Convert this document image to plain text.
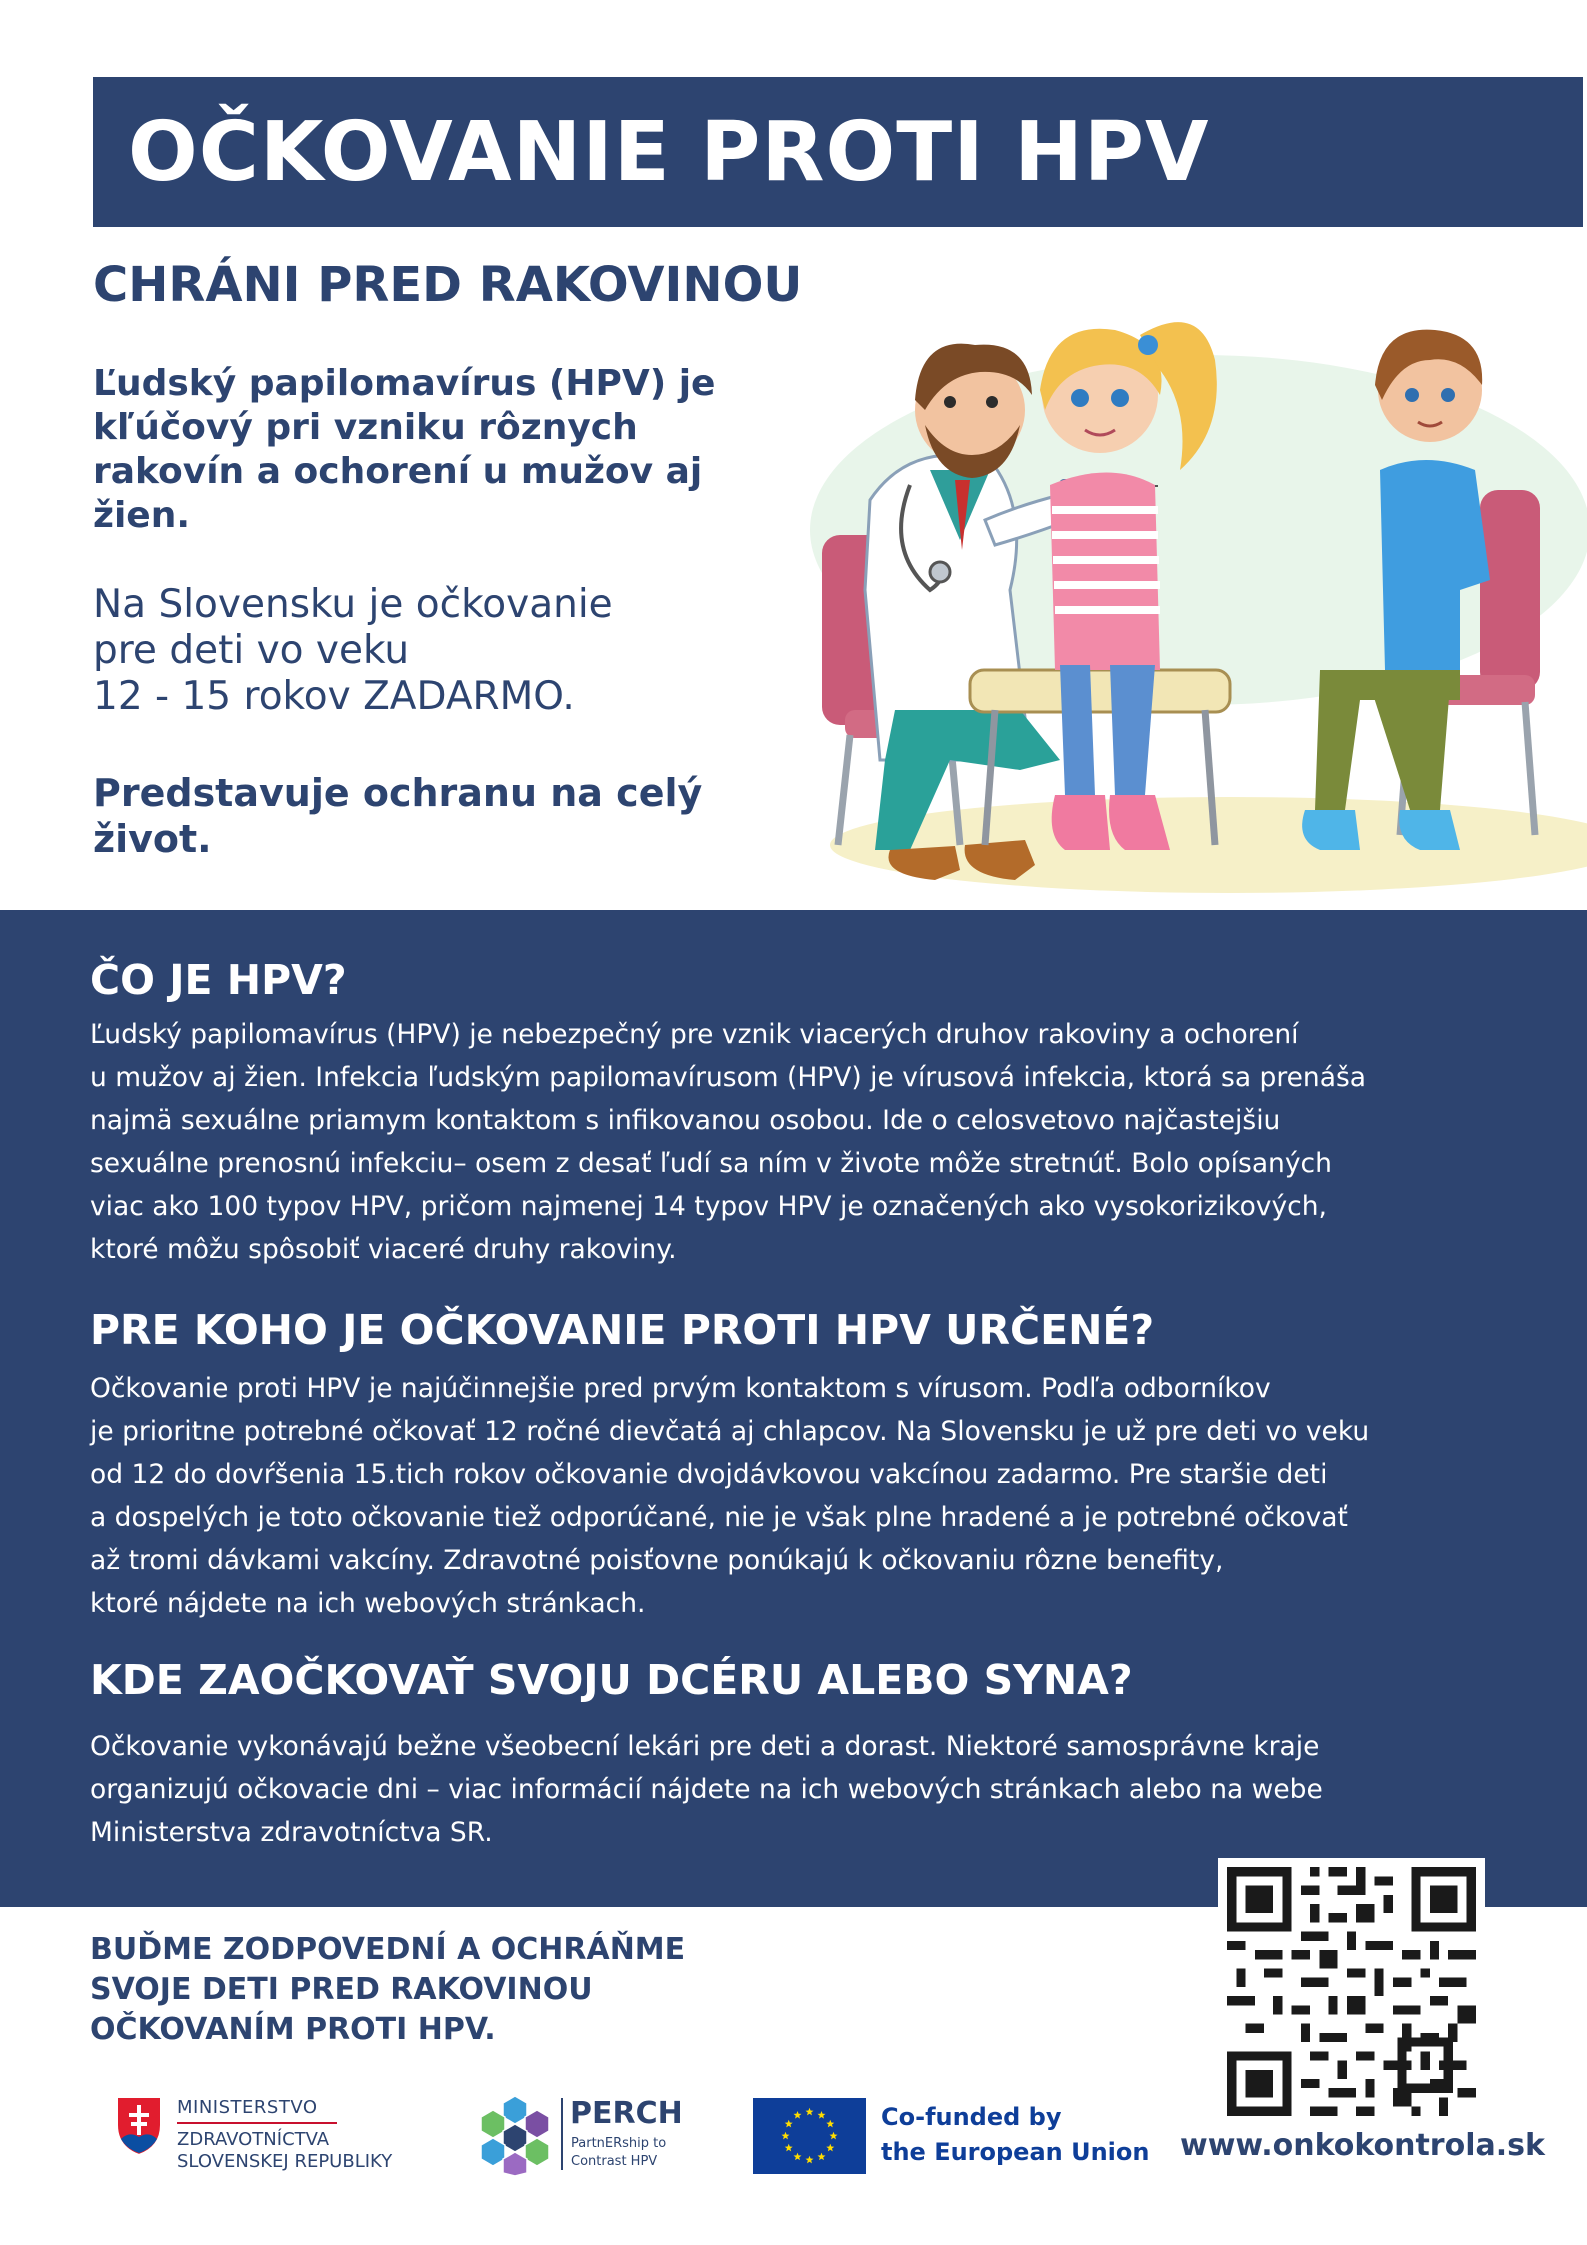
OČKOVANIE PROTI HPV
CHRÁNI PRED RAKOVINOU
Ľudský papilomavírus (HPV) je kľúčový pri vzniku rôznych rakovín a ochorení u mužov aj žien.
Na Slovensku je očkovanie
pre deti vo veku
12 - 15 rokov ZADARMO.
Predstavuje ochranu na celý život.
ČO JE HPV?

Ľudský papilomavírus (HPV) je nebezpečný pre vznik viacerých druhov rakoviny a ochorení
u mužov aj žien. Infekcia ľudským papilomavírusom (HPV) je vírusová infekcia, ktorá sa prenáša
najmä sexuálne priamym kontaktom s infikovanou osobou. Ide o celosvetovo najčastejšiu
sexuálne prenosnú infekciu– osem z desať ľudí sa ním v živote môže stretnúť. Bolo opísaných
viac ako 100 typov HPV, pričom najmenej 14 typov HPV je označených ako vysokorizikových,
ktoré môžu spôsobiť viaceré druhy rakoviny.

PRE KOHO JE OČKOVANIE PROTI HPV URČENÉ?

Očkovanie proti HPV je najúčinnejšie pred prvým kontaktom s vírusom. Podľa odborníkov
je prioritne potrebné očkovať 12 ročné dievčatá aj chlapcov. Na Slovensku je už pre deti vo veku
od 12 do dovŕšenia 15.tich rokov očkovanie dvojdávkovou vakcínou zadarmo. Pre staršie deti
a dospelých je toto očkovanie tiež odporúčané, nie je však plne hradené a je potrebné očkovať
až tromi dávkami vakcíny. Zdravotné poisťovne ponúkajú k očkovaniu rôzne benefity,
ktoré nájdete na ich webových stránkach.

KDE ZAOČKOVAŤ SVOJU DCÉRU ALEBO SYNA?

Očkovanie vykonávajú bežne všeobecní lekári pre deti a dorast. Niektoré samosprávne kraje
organizujú očkovacie dni – viac informácií nájdete na ich webových stránkach alebo na webe
Ministerstva zdravotníctva SR.

BUĎME ZODPOVEDNÍ A OCHRÁŇME
SVOJE DETI PRED RAKOVINOU
OČKOVANÍM PROTI HPV.
MINISTERSTVO
ZDRAVOTNÍCTVA
SLOVENSKEJ REPUBLIKY
PERCH
PartnERship to
Contrast HPV
Co-funded by
the European Union www.onkokontrola.sk
